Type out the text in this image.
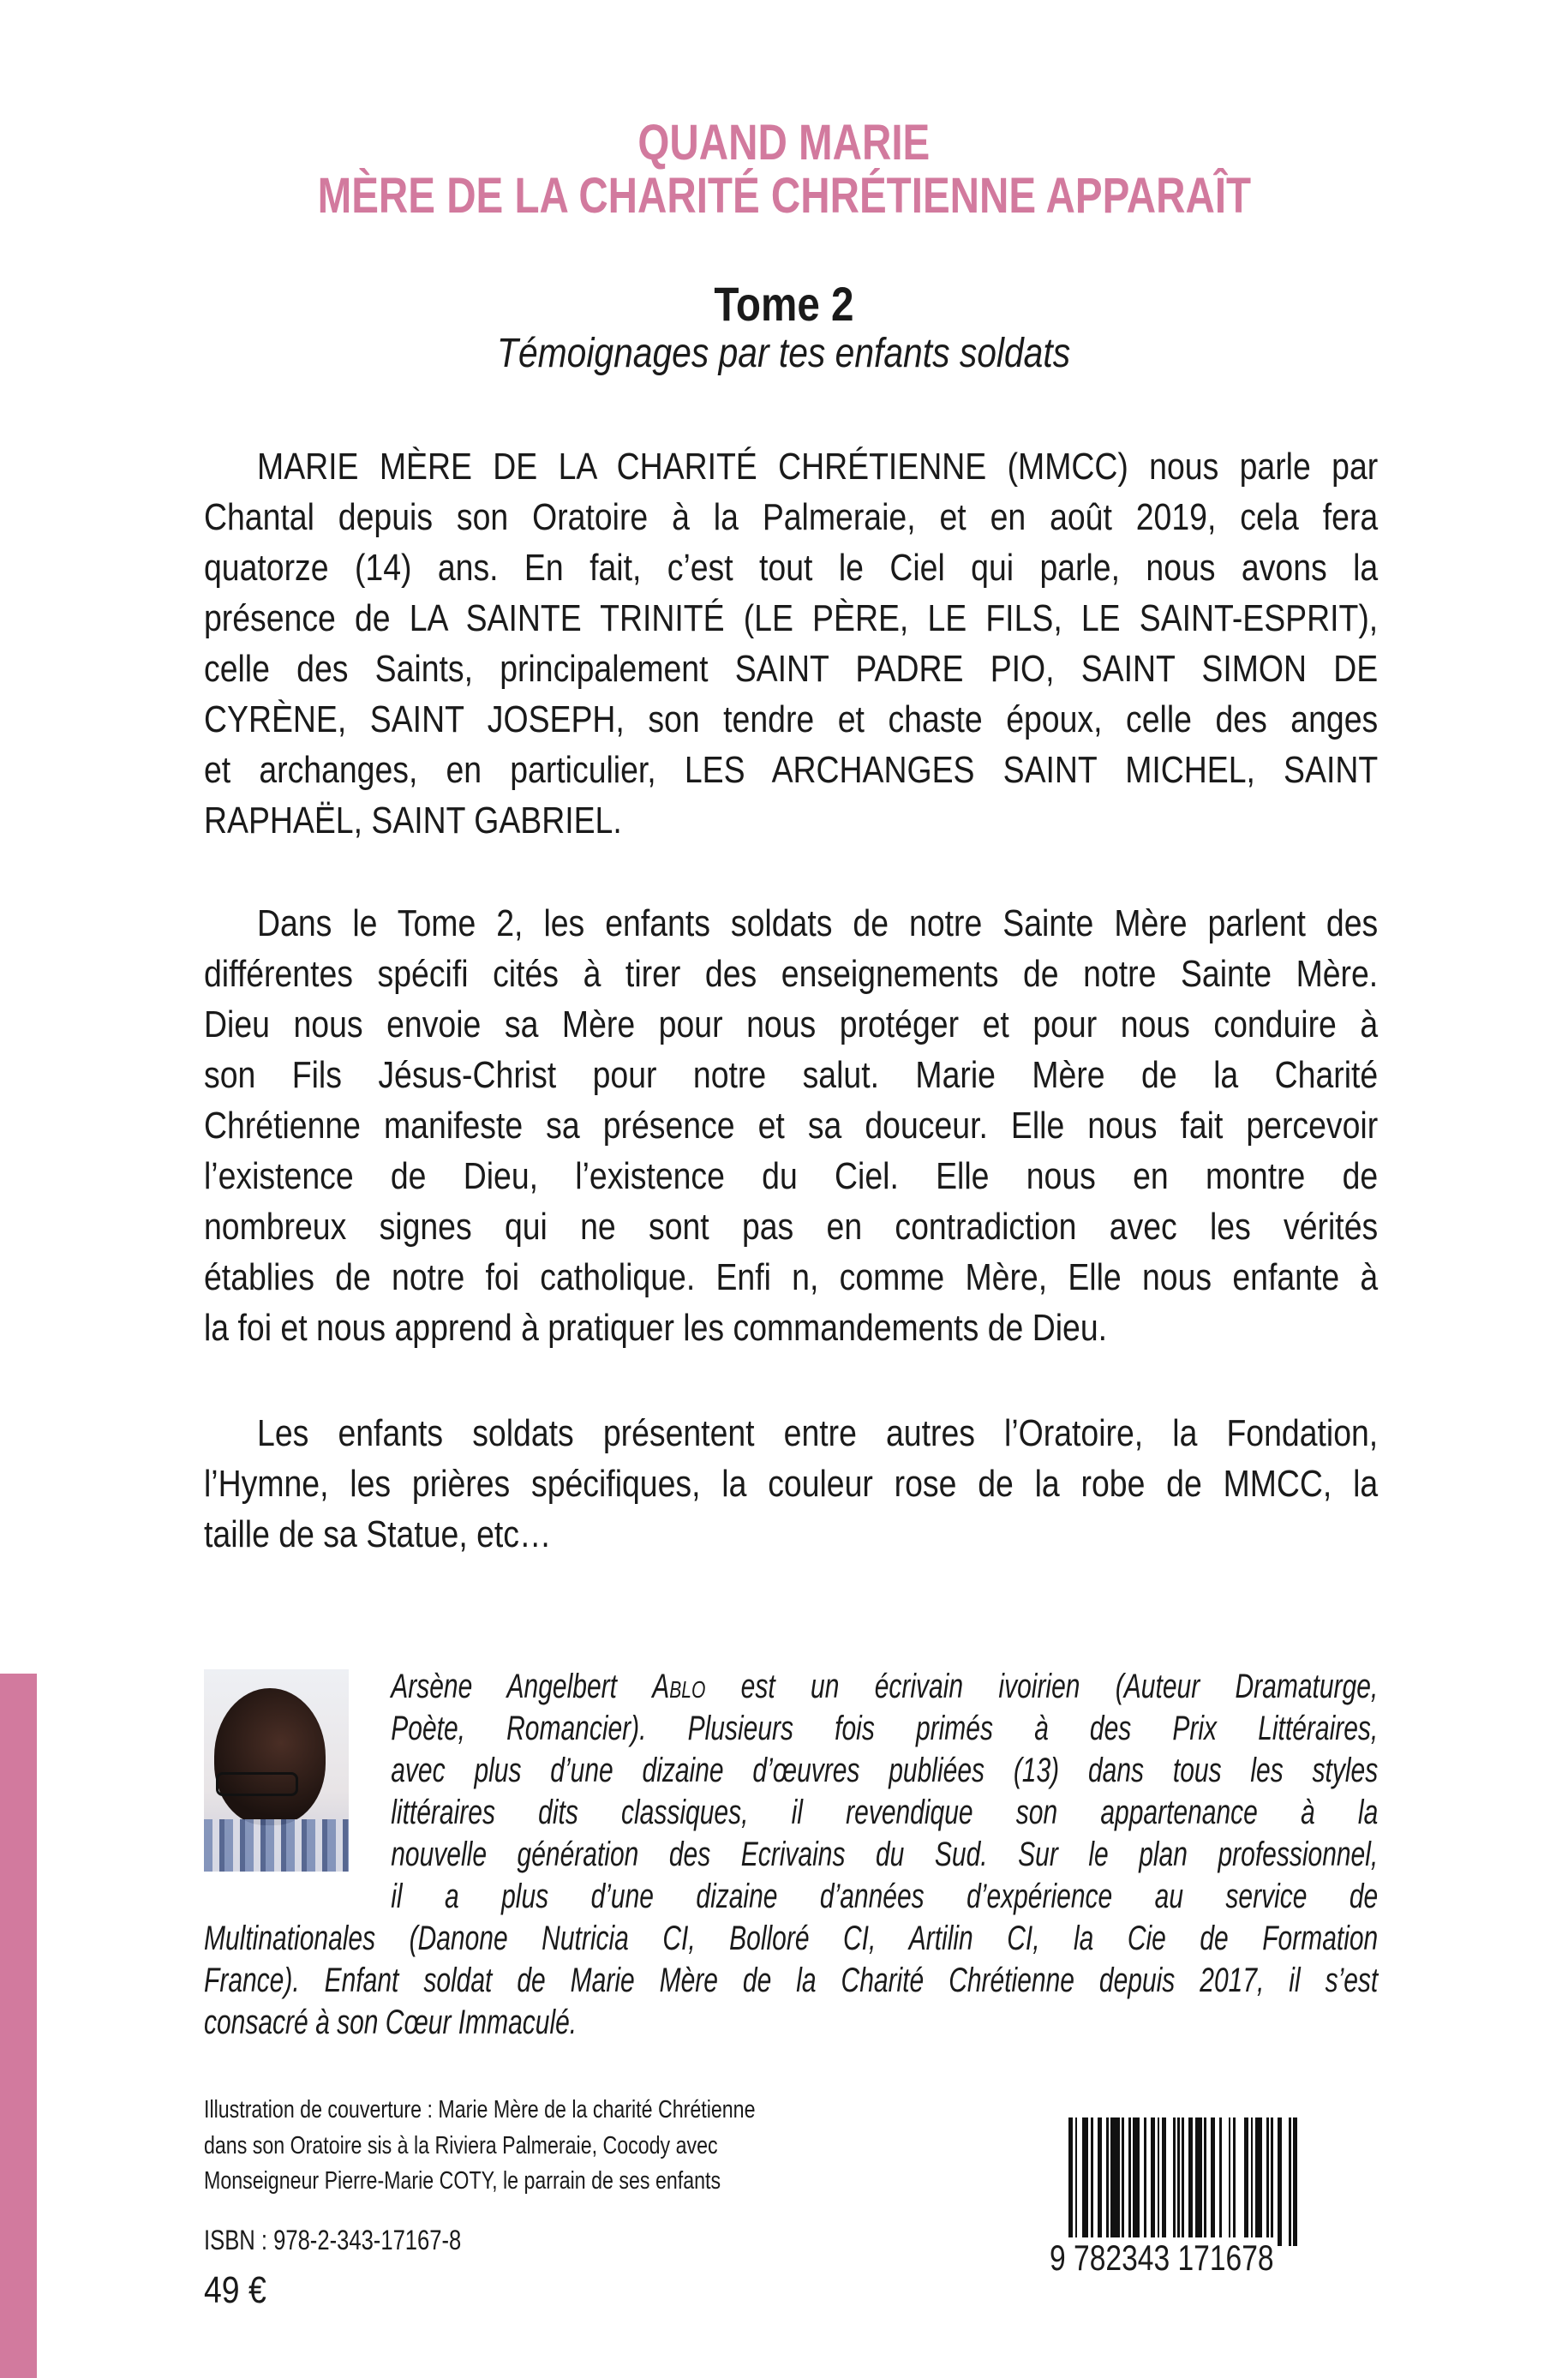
QUAND MARIE
MÈRE DE LA CHARITÉ CHRÉTIENNE APPARAÎT
Tome 2
Témoignages par tes enfants soldats
MARIE MÈRE DE LA CHARITÉ CHRÉTIENNE (MMCC) nous parle par
Chantal depuis son Oratoire à la Palmeraie, et en août 2019, cela fera
quatorze (14) ans. En fait, c’est tout le Ciel qui parle, nous avons la
présence de LA SAINTE TRINITÉ (LE PÈRE, LE FILS, LE SAINT-ESPRIT),
celle des Saints, principalement SAINT PADRE PIO, SAINT SIMON DE
CYRÈNE, SAINT JOSEPH, son tendre et chaste époux, celle des anges
et archanges, en particulier, LES ARCHANGES SAINT MICHEL, SAINT
RAPHAËL, SAINT GABRIEL.
Dans le Tome 2, les enfants soldats de notre Sainte Mère parlent des
différentes spécifi cités à tirer des enseignements de notre Sainte Mère.
Dieu nous envoie sa Mère pour nous protéger et pour nous conduire à
son Fils Jésus-Christ pour notre salut. Marie Mère de la Charité
Chrétienne manifeste sa présence et sa douceur. Elle nous fait percevoir
l’existence de Dieu, l’existence du Ciel. Elle nous en montre de
nombreux signes qui ne sont pas en contradiction avec les vérités
établies de notre foi catholique. Enfi n, comme Mère, Elle nous enfante à
la foi et nous apprend à pratiquer les commandements de Dieu.
Les enfants soldats présentent entre autres l’Oratoire, la Fondation,
l’Hymne, les prières spécifiques, la couleur rose de la robe de MMCC, la
taille de sa Statue, etc…
Arsène Angelbert Ablo est un écrivain ivoirien (Auteur Dramaturge,
Poète, Romancier). Plusieurs fois primés à des Prix Littéraires,
avec plus d’une dizaine d’œuvres publiées (13) dans tous les styles
littéraires dits classiques, il revendique son appartenance à la
nouvelle génération des Ecrivains du Sud. Sur le plan professionnel,
il a plus d’une dizaine d’années d’expérience au service de
Multinationales (Danone Nutricia CI, Bolloré CI, Artilin CI, la Cie de Formation
France). Enfant soldat de Marie Mère de la Charité Chrétienne depuis 2017, il s’est
consacré à son Cœur Immaculé.
Illustration de couverture : Marie Mère de la charité Chrétienne
dans son Oratoire sis à la Riviera Palmeraie, Cocody avec
Monseigneur Pierre-Marie COTY, le parrain de ses enfants
ISBN : 978-2-343-17167-8
49 €
9 782343 171678
